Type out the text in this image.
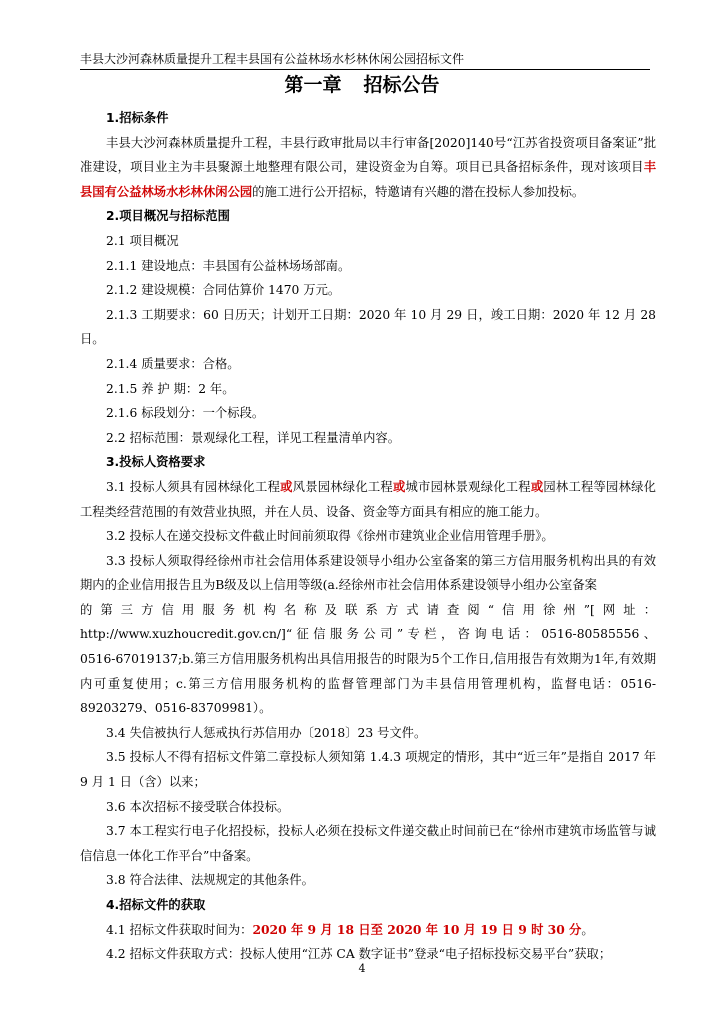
丰县大沙河森林质量提升工程丰县国有公益林场水杉林休闲公园招标文件
第一章 招标公告

1.招标条件

丰县大沙河森林质量提升工程，丰县行政审批局以丰行审备[2020]140号“江苏省投资项目备案证”批准建设，项目业主为丰县聚源土地整理有限公司，建设资金为自筹。项目已具备招标条件，现对该项目丰县国有公益林场水杉林休闲公园的施工进行公开招标，特邀请有兴趣的潜在投标人参加投标。

2.项目概况与招标范围

2.1 项目概况

2.1.1 建设地点：丰县国有公益林场场部南。

2.1.2 建设规模：合同估算价 1470 万元。

2.1.3 工期要求：60 日历天；计划开工日期：2020 年 10 月 29 日，竣工日期：2020 年 12 月 28 日。

2.1.4 质量要求：合格。

2.1.5 养 护 期：2 年。

2.1.6 标段划分：一个标段。

2.2 招标范围：景观绿化工程，详见工程量清单内容。

3.投标人资格要求

3.1 投标人须具有园林绿化工程或风景园林绿化工程或城市园林景观绿化工程或园林工程等园林绿化工程类经营范围的有效营业执照，并在人员、设备、资金等方面具有相应的施工能力。

3.2 投标人在递交投标文件截止时间前须取得《徐州市建筑业企业信用管理手册》。

3.3 投标人须取得经徐州市社会信用体系建设领导小组办公室备案的第三方信用服务机构出具的有效期内的企业信用报告且为B级及以上信用等级(a.经徐州市社会信用体系建设领导小组办公室备案

的第三方信用服务机构名称及联系方式请查阅“信用徐州”[网址：

http://www.xuzhoucredit.gov.cn/]“征信服务公司”专栏，咨询电话：0516-80585556、

0516-67019137;b.第三方信用服务机构出具信用报告的时限为5个工作日,信用报告有效期为1年,有效期内可重复使用；c.第三方信用服务机构的监督管理部门为丰县信用管理机构，监督电话：0516-89203279、0516-83709981）。

3.4 失信被执行人惩戒执行苏信用办〔2018〕23 号文件。

3.5 投标人不得有招标文件第二章投标人须知第 1.4.3 项规定的情形，其中“近三年”是指自 2017 年 9 月 1 日（含）以来；

3.6 本次招标不接受联合体投标。

3.7 本工程实行电子化招投标，投标人必须在投标文件递交截止时间前已在“徐州市建筑市场监管与诚信信息一体化工作平台”中备案。

3.8 符合法律、法规规定的其他条件。

4.招标文件的获取

4.1 招标文件获取时间为：2020 年 9 月 18 日至 2020 年 10 月 19 日 9 时 30 分。

4.2 招标文件获取方式：投标人使用“江苏 CA 数字证书”登录“电子招标投标交易平台”获取；

4
